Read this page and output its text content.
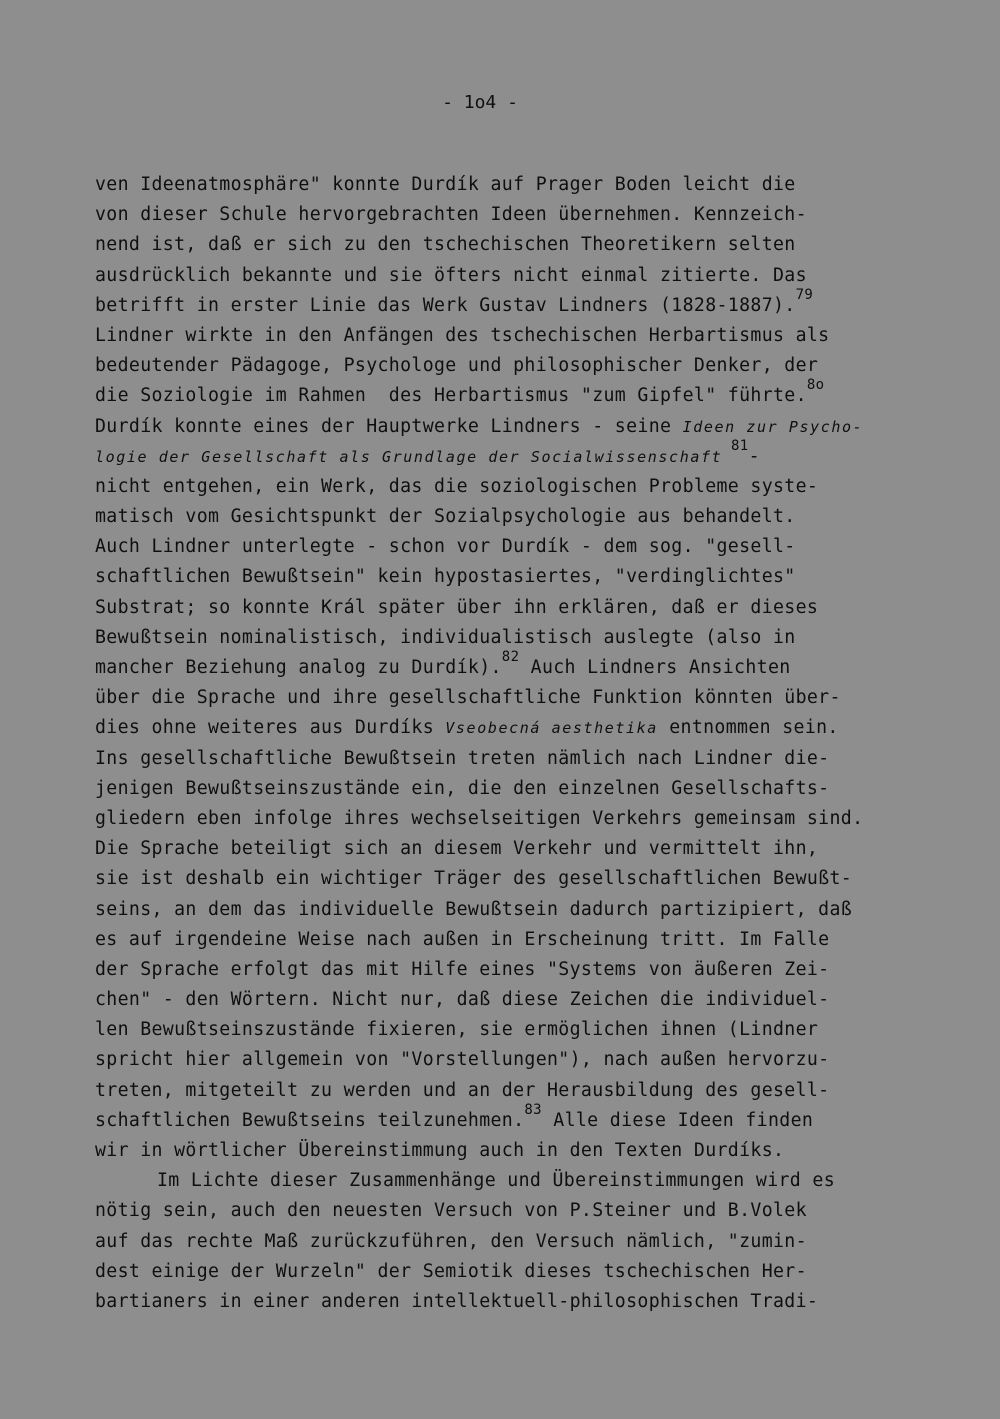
- 1o4 -
ven Ideenatmosphäre" konnte Durdík auf Prager Boden leicht die
von dieser Schule hervorgebrachten Ideen übernehmen. Kennzeich-
nend ist, daß er sich zu den tschechischen Theoretikern selten
ausdrücklich bekannte und sie öfters nicht einmal zitierte. Das
betrifft in erster Linie das Werk Gustav Lindners (1828-1887).$^{79}$
Lindner wirkte in den Anfängen des tschechischen Herbartismus als
bedeutender Pädagoge, Psychologe und philosophischer Denker, der
die Soziologie im Rahmen  des Herbartismus "zum Gipfel" führte.$^{8o}$
Durdík konnte eines der Hauptwerke Lindners - seine Ideen zur Psycho-
logie der Gesellschaft als Grundlage der Socialwissenschaft $^{81}$-
nicht entgehen, ein Werk, das die soziologischen Probleme syste-
matisch vom Gesichtspunkt der Sozialpsychologie aus behandelt.
Auch Lindner unterlegte - schon vor Durdík - dem sog. "gesell-
schaftlichen Bewußtsein" kein hypostasiertes, "verdinglichtes"
Substrat; so konnte Král später über ihn erklären, daß er dieses
Bewußtsein nominalistisch, individualistisch auslegte (also in
mancher Beziehung analog zu Durdík).$^{82}$ Auch Lindners Ansichten
über die Sprache und ihre gesellschaftliche Funktion könnten über-
dies ohne weiteres aus Durdíks Vseobecná aesthetika entnommen sein.
Ins gesellschaftliche Bewußtsein treten nämlich nach Lindner die-
jenigen Bewußtseinszustände ein, die den einzelnen Gesellschafts-
gliedern eben infolge ihres wechselseitigen Verkehrs gemeinsam sind.
Die Sprache beteiligt sich an diesem Verkehr und vermittelt ihn,
sie ist deshalb ein wichtiger Träger des gesellschaftlichen Bewußt-
seins, an dem das individuelle Bewußtsein dadurch partizipiert, daß
es auf irgendeine Weise nach außen in Erscheinung tritt. Im Falle
der Sprache erfolgt das mit Hilfe eines "Systems von äußeren Zei-
chen" - den Wörtern. Nicht nur, daß diese Zeichen die individuel-
len Bewußtseinszustände fixieren, sie ermöglichen ihnen (Lindner
spricht hier allgemein von "Vorstellungen"), nach außen hervorzu-
treten, mitgeteilt zu werden und an der Herausbildung des gesell-
schaftlichen Bewußtseins teilzunehmen.$^{83}$ Alle diese Ideen finden
wir in wörtlicher Übereinstimmung auch in den Texten Durdíks.
Im Lichte dieser Zusammenhänge und Übereinstimmungen wird es
nötig sein, auch den neuesten Versuch von P.Steiner und B.Volek
auf das rechte Maß zurückzuführen, den Versuch nämlich, "zumin-
dest einige der Wurzeln" der Semiotik dieses tschechischen Her-
bartianers in einer anderen intellektuell-philosophischen Tradi-
